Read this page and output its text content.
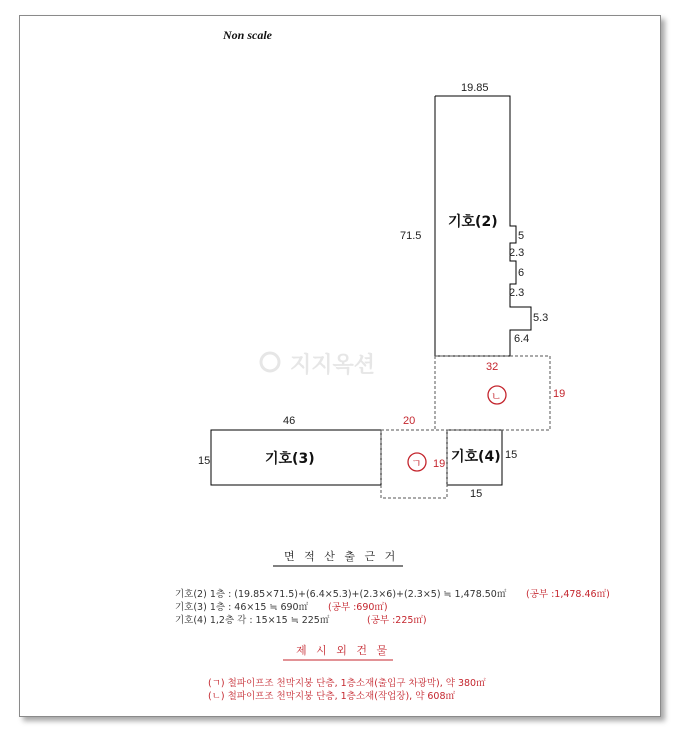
지지옥션
Non scale
기호(2)
기호(3)	기호(4)
19.85
71.5	5
2.3
6
2.3
5.3
6.4
46
15	15
15
32
19
20
19
ㄴ
ㄱ
면 적 산 출 근 거
기호(2) 1층 : (19.85×71.5)+(6.4×5.3)+(2.3×6)+(2.3×5) ≒ 1,478.50㎡ (공부 :1,478.46㎡)
기호(3) 1층 : 46×15 ≒ 690㎡ (공부 :690㎡)
기호(4) 1,2층 각 : 15×15 ≒ 225㎡	(공부 :225㎡)
제 시 외 건 물
(ㄱ) 철파이프조 천막지붕 단층, 1층소재(출입구 차광막), 약 380㎡
(ㄴ) 철파이프조 천막지붕 단층, 1층소재(작업장), 약 608㎡
